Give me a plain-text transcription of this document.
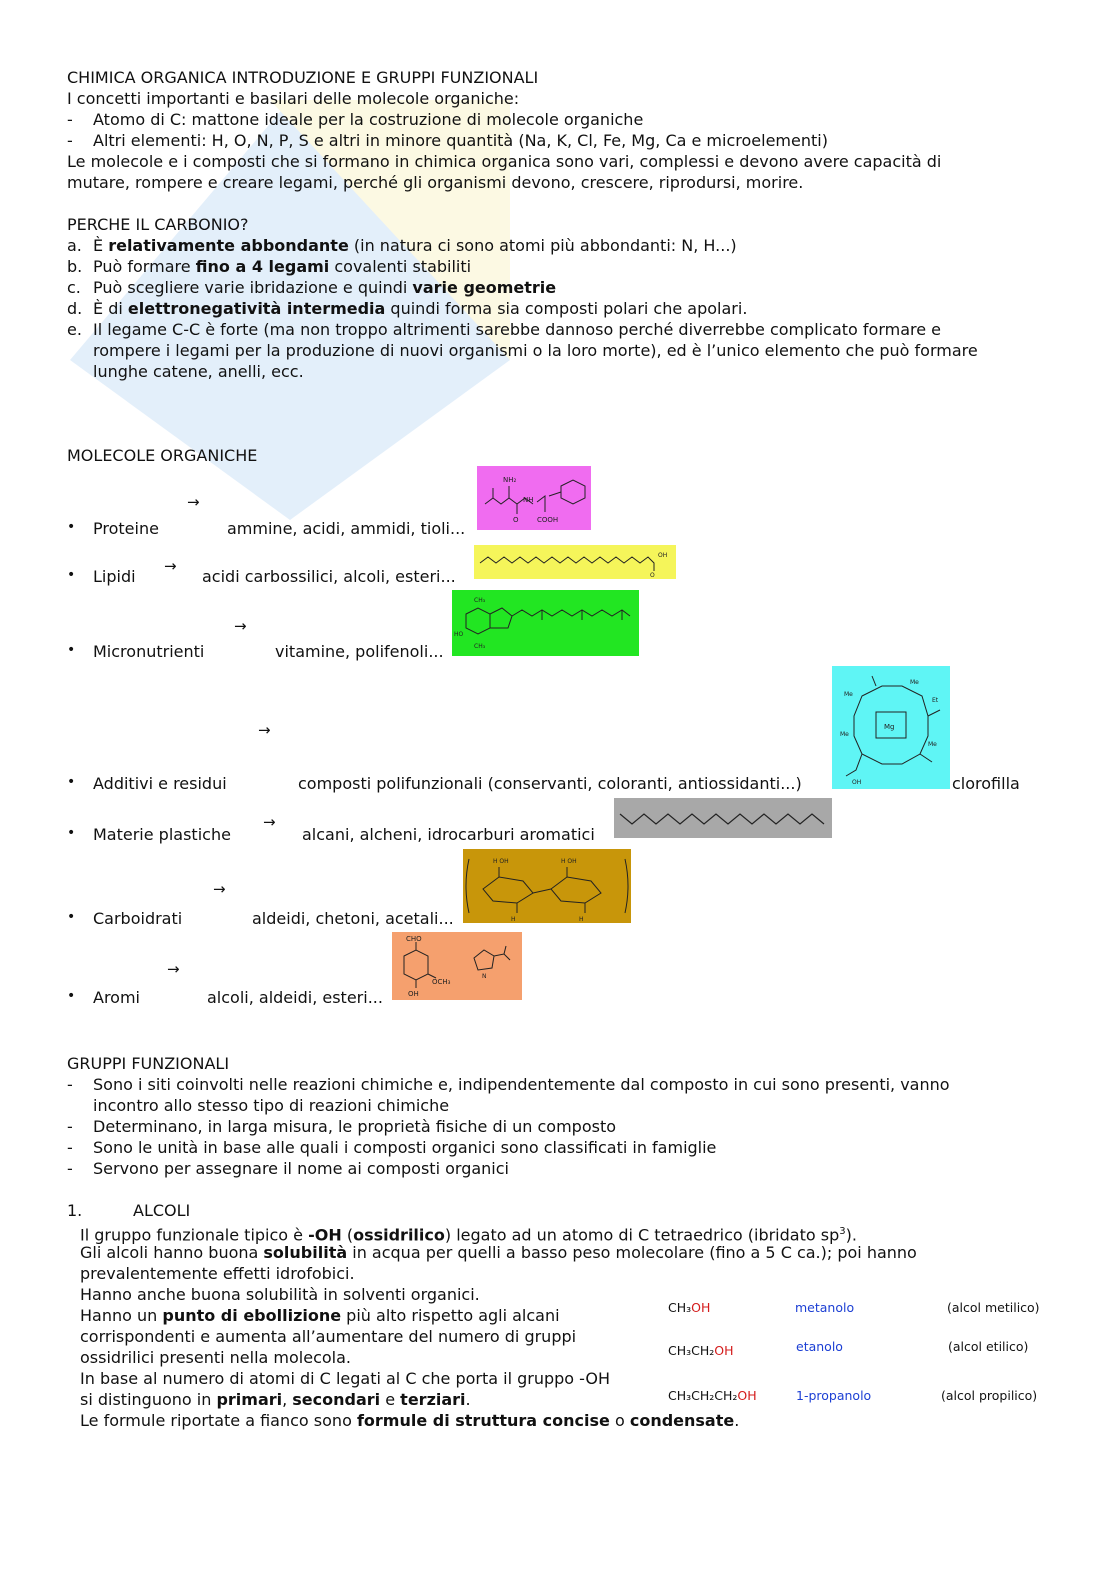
CHIMICA ORGANICA INTRODUZIONE E GRUPPI FUNZIONALI
I concetti importanti e basilari delle molecole organiche:
- Atomo di C: mattone ideale per la costruzione di molecole organiche
- Altri elementi: H, O, N, P, S e altri in minore quantità (Na, K, Cl, Fe, Mg, Ca e microelementi)
Le molecole e i composti che si formano in chimica organica sono vari, complessi e devono avere capacità di
mutare, rompere e creare legami, perché gli organismi devono, crescere, riprodursi, morire.
PERCHE IL CARBONIO?
a. È relativamente abbondante (in natura ci sono atomi più abbondanti: N, H...)
b. Può formare fino a 4 legami covalenti stabiliti
c. Può scegliere varie ibridazione e quindi varie geometrie
d. È di elettronegatività intermedia quindi forma sia composti polari che apolari.
e. Il legame C-C è forte (ma non troppo altrimenti sarebbe dannoso perché diverrebbe complicato formare e
rompere i legami per la produzione di nuovi organismi o la loro morte), ed è l’unico elemento che può formare
lunghe catene, anelli, ecc.
MOLECOLE ORGANICHE
→
• Proteine	ammine, acidi, ammidi, tioli...
NH₂
NH
O	COOH
→
• Lipidi	acidi carbossilici, alcoli, esteri...
OH
O
→
• Micronutrienti	vitamine, polifenoli...
CH₃
HO
CH₃
→
• Additivi e residui	composti polifunzionali (conservanti, coloranti, antiossidanti...)
Mg
Me
Me
Et
Me
Me
OH	clorofilla
→
• Materie plastiche	alcani, alcheni, idrocarburi aromatici
→
• Carboidrati	aldeidi, chetoni, acetali...
H OH	H OH
H	H
→
• Aromi	alcoli, aldeidi, esteri...
CHO
OCH₃
OH
N
GRUPPI FUNZIONALI
- Sono i siti coinvolti nelle reazioni chimiche e, indipendentemente dal composto in cui sono presenti, vanno
incontro allo stesso tipo di reazioni chimiche
- Determinano, in larga misura, le proprietà fisiche di un composto
- Sono le unità in base alle quali i composti organici sono classificati in famiglie
- Servono per assegnare il nome ai composti organici
1.	ALCOLI
Il gruppo funzionale tipico è -OH (ossidrilico) legato ad un atomo di C tetraedrico (ibridato $sp^3$).
Gli alcoli hanno buona solubilità in acqua per quelli a basso peso molecolare (fino a 5 C ca.); poi hanno
prevalentemente effetti idrofobici.
Hanno anche buona solubilità in solventi organici.
Hanno un punto di ebollizione più alto rispetto agli alcani
corrispondenti e aumenta all’aumentare del numero di gruppi
ossidrilici presenti nella molecola.
In base al numero di atomi di C legati al C che porta il gruppo -OH
si distinguono in primari, secondari e terziari.
Le formule riportate a fianco sono formule di struttura concise o condensate.
CH₃OH	metanolo	(alcol metilico)
CH₃CH₂OH	etanolo	(alcol etilico)
CH₃CH₂CH₂OH	1-propanolo	(alcol propilico)
